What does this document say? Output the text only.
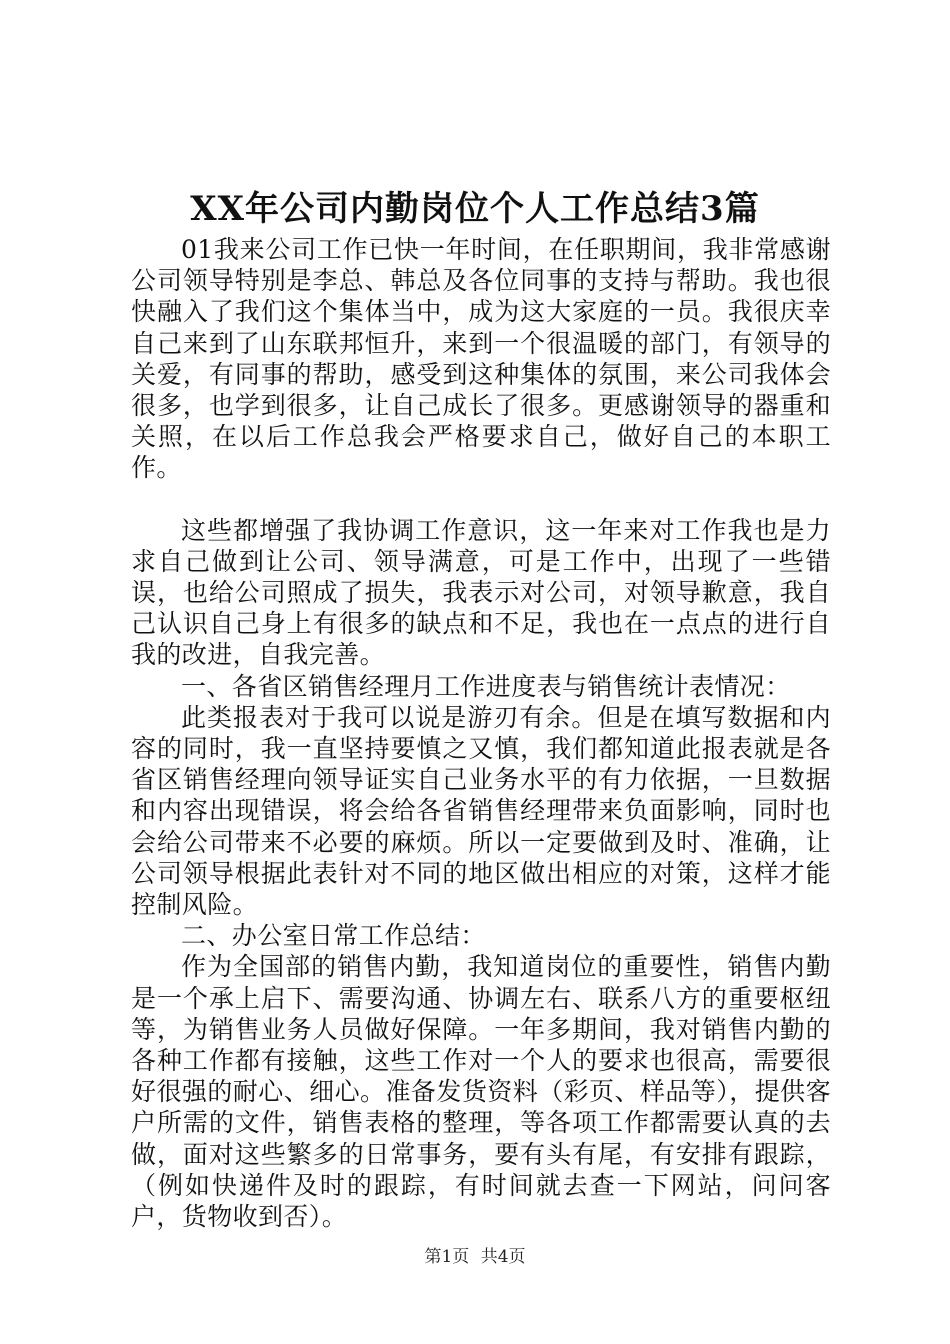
XX年公司内勤岗位个人工作总结3篇

01我来公司工作已快一年时间，在任职期间，我非常感谢公司领导特别是李总、韩总及各位同事的支持与帮助。我也很快融入了我们这个集体当中，成为这大家庭的一员。我很庆幸自己来到了山东联邦恒升，来到一个很温暖的部门，有领导的关爱，有同事的帮助，感受到这种集体的氛围，来公司我体会很多，也学到很多，让自己成长了很多。更感谢领导的器重和关照，在以后工作总我会严格要求自己，做好自己的本职工作。

这些都增强了我协调工作意识，这一年来对工作我也是力求自己做到让公司、领导满意，可是工作中，出现了一些错误，也给公司照成了损失，我表示对公司，对领导歉意，我自己认识自己身上有很多的缺点和不足，我也在一点点的进行自我的改进，自我完善。

一、各省区销售经理月工作进度表与销售统计表情况：

此类报表对于我可以说是游刃有余。但是在填写数据和内容的同时，我一直坚持要慎之又慎，我们都知道此报表就是各省区销售经理向领导证实自己业务水平的有力依据，一旦数据和内容出现错误，将会给各省销售经理带来负面影响，同时也会给公司带来不必要的麻烦。所以一定要做到及时、准确，让公司领导根据此表针对不同的地区做出相应的对策，这样才能控制风险。

二、办公室日常工作总结：

作为全国部的销售内勤，我知道岗位的重要性，销售内勤是一个承上启下、需要沟通、协调左右、联系八方的重要枢纽等，为销售业务人员做好保障。一年多期间，我对销售内勤的各种工作都有接触，这些工作对一个人的要求也很高，需要很好很强的耐心、细心。准备发货资料（彩页、样品等），提供客户所需的文件，销售表格的整理，等各项工作都需要认真的去做，面对这些繁多的日常事务，要有头有尾，有安排有跟踪，（例如快递件及时的跟踪，有时间就去查一下网站，问问客户，货物收到否）。

第1页 共4页
